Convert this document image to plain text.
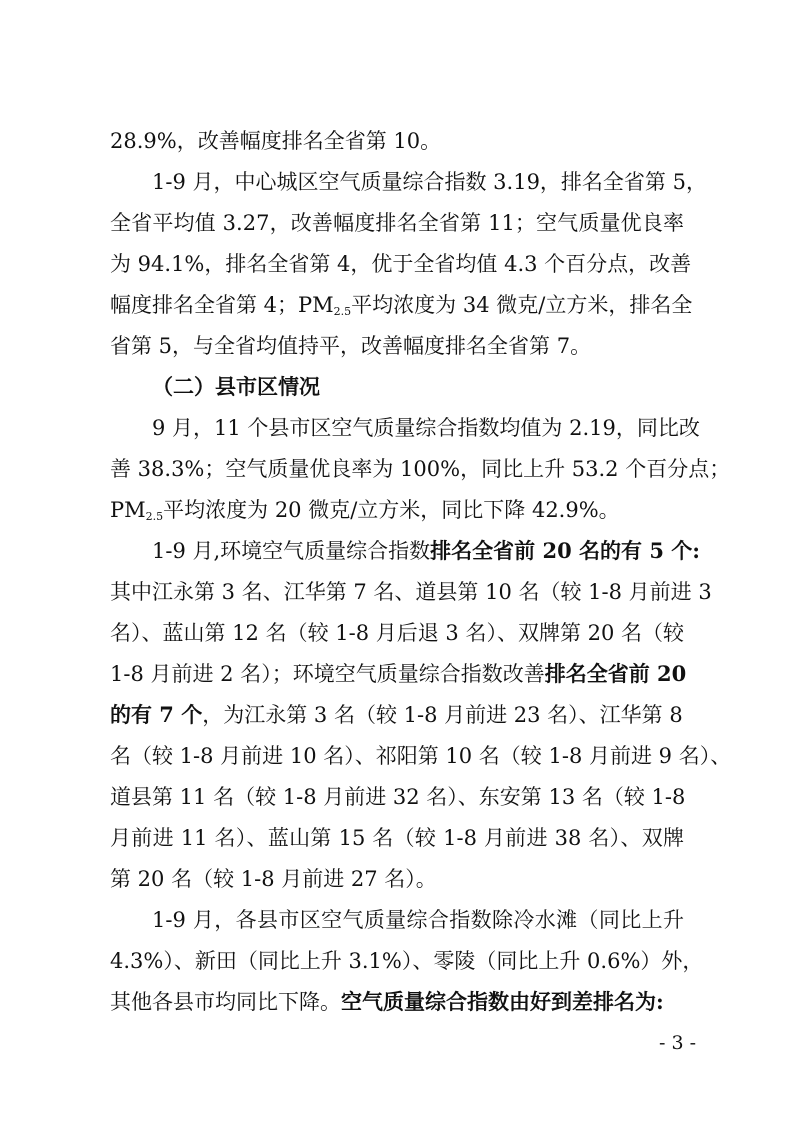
28.9%，改善幅度排名全省第 10。
1-9 月，中心城区空气质量综合指数 3.19，排名全省第 5，
全省平均值 3.27，改善幅度排名全省第 11；空气质量优良率
为 94.1%，排名全省第 4，优于全省均值 4.3 个百分点，改善
幅度排名全省第 4；$PM_{2.5}$平均浓度为 34 微克/立方米，排名全
省第 5，与全省均值持平，改善幅度排名全省第 7。
（二）县市区情况
9 月，11 个县市区空气质量综合指数均值为 2.19，同比改
善 38.3%；空气质量优良率为 100%，同比上升 53.2 个百分点；
$PM_{2.5}$平均浓度为 20 微克/立方米，同比下降 42.9%。
1-9 月,环境空气质量综合指数排名全省前 20 名的有 5 个:
其中江永第 3 名、江华第 7 名、道县第 10 名（较 1-8 月前进 3
名）、蓝山第 12 名（较 1-8 月后退 3 名）、双牌第 20 名（较
1-8 月前进 2 名）；环境空气质量综合指数改善排名全省前 20
的有 7 个，为江永第 3 名（较 1-8 月前进 23 名）、江华第 8
名（较 1-8 月前进 10 名）、祁阳第 10 名（较 1-8 月前进 9 名）、
道县第 11 名（较 1-8 月前进 32 名）、东安第 13 名（较 1-8
月前进 11 名）、蓝山第 15 名（较 1-8 月前进 38 名）、双牌
第 20 名（较 1-8 月前进 27 名）。
1-9 月，各县市区空气质量综合指数除冷水滩（同比上升
4.3%）、新田（同比上升 3.1%）、零陵（同比上升 0.6%）外，
其他各县市均同比下降。空气质量综合指数由好到差排名为:
- 3 -
